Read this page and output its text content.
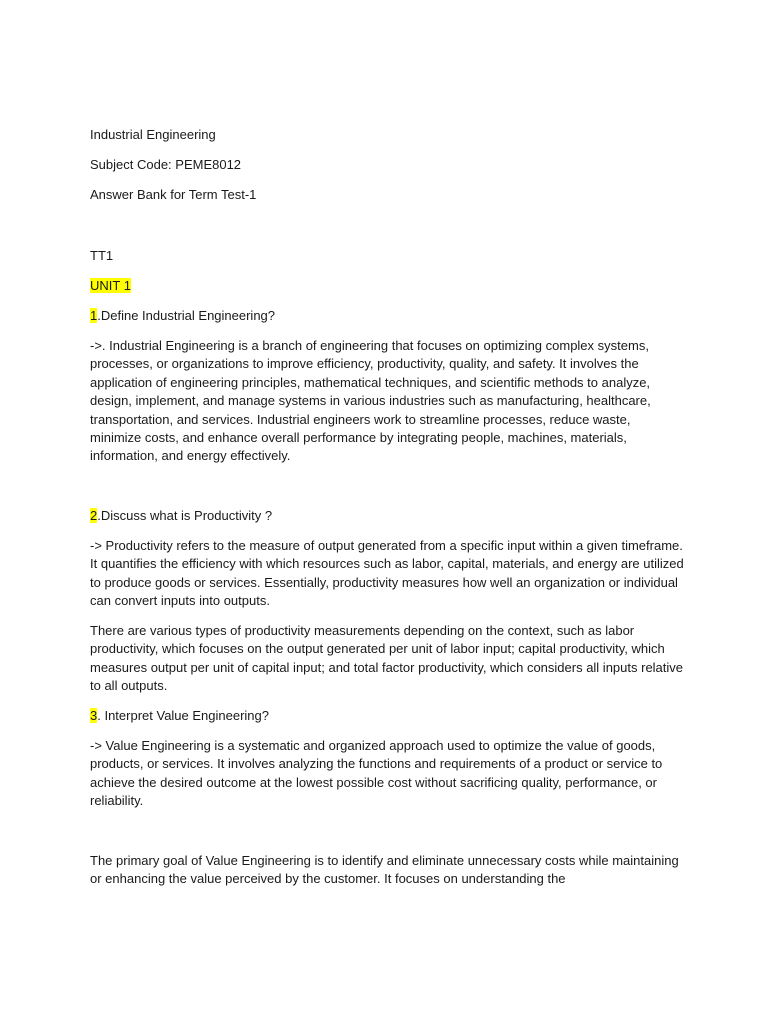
Industrial Engineering

Subject Code: PEME8012

Answer Bank for Term Test-1

TT1

UNIT 1

1.Define Industrial Engineering?

->. Industrial Engineering is a branch of engineering that focuses on optimizing complex systems, processes, or organizations to improve efficiency, productivity, quality, and safety. It involves the application of engineering principles, mathematical techniques, and scientific methods to analyze, design, implement, and manage systems in various industries such as manufacturing, healthcare, transportation, and services. Industrial engineers work to streamline processes, reduce waste, minimize costs, and enhance overall performance by integrating people, machines, materials, information, and energy effectively.

2.Discuss what is Productivity ?

-> Productivity refers to the measure of output generated from a specific input within a given timeframe. It quantifies the efficiency with which resources such as labor, capital, materials, and energy are utilized to produce goods or services. Essentially, productivity measures how well an organization or individual can convert inputs into outputs.

There are various types of productivity measurements depending on the context, such as labor productivity, which focuses on the output generated per unit of labor input; capital productivity, which measures output per unit of capital input; and total factor productivity, which considers all inputs relative to all outputs.

3. Interpret Value Engineering?

-> Value Engineering is a systematic and organized approach used to optimize the value of goods, products, or services. It involves analyzing the functions and requirements of a product or service to achieve the desired outcome at the lowest possible cost without sacrificing quality, performance, or reliability.

The primary goal of Value Engineering is to identify and eliminate unnecessary costs while maintaining or enhancing the value perceived by the customer. It focuses on understanding the
